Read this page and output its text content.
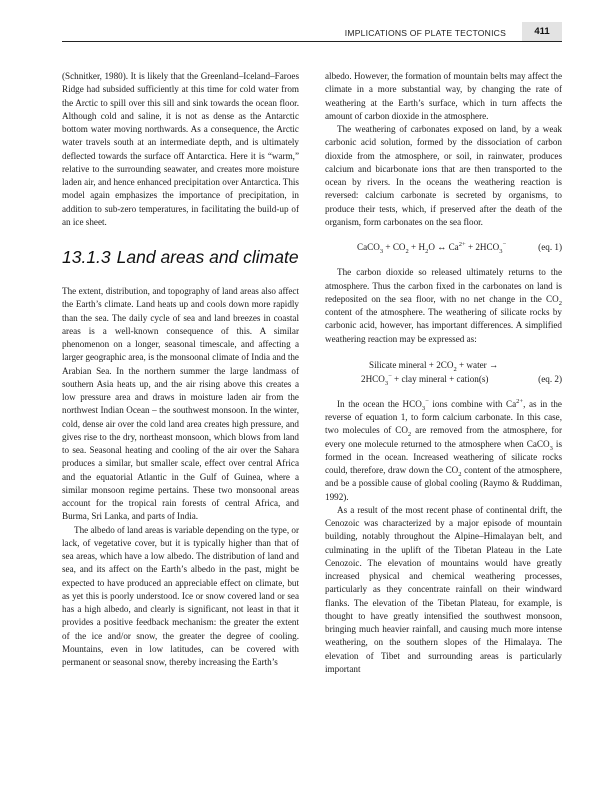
IMPLICATIONS OF PLATE TECTONICS	411

(Schnitker, 1980). It is likely that the Greenland–Iceland–Faroes Ridge had subsided sufficiently at this time for cold water from the Arctic to spill over this sill and sink towards the ocean floor. Although cold and saline, it is not as dense as the Antarctic bottom water moving northwards. As a consequence, the Arctic water travels south at an intermediate depth, and is ultimately deflected towards the surface off Antarctica. Here it is “warm,” relative to the surrounding seawater, and creates more moisture laden air, and hence enhanced precipitation over Antarctica. This model again emphasizes the importance of precipitation, in addition to sub-zero temperatures, in facilitating the build-up of an ice sheet.

13.1.3 Land areas and climate

The extent, distribution, and topography of land areas also affect the Earth’s climate. Land heats up and cools down more rapidly than the sea. The daily cycle of sea and land breezes in coastal areas is a well-known consequence of this. A similar phenomenon on a longer, seasonal timescale, and affecting a larger geographic area, is the monsoonal climate of India and the Arabian Sea. In the northern summer the large landmass of southern Asia heats up, and the air rising above this creates a low pressure area and draws in moisture laden air from the northwest Indian Ocean – the southwest monsoon. In the winter, cold, dense air over the cold land area creates high pressure, and gives rise to the dry, northeast monsoon, which blows from land to sea. Seasonal heating and cooling of the air over the Sahara produces a similar, but smaller scale, effect over central Africa and the equatorial Atlantic in the Gulf of Guinea, where a similar monsoon regime pertains. These two monsoonal areas account for the tropical rain forests of central Africa, and Burma, Sri Lanka, and parts of India.

The albedo of land areas is variable depending on the type, or lack, of vegetative cover, but it is typically higher than that of sea areas, which have a low albedo. The distribution of land and sea, and its affect on the Earth’s albedo in the past, might be expected to have produced an appreciable effect on climate, but as yet this is poorly understood. Ice or snow covered land or sea has a high albedo, and clearly is significant, not least in that it provides a positive feedback mechanism: the greater the extent of the ice and/or snow, the greater the degree of cooling. Mountains, even in low latitudes, can be covered with permanent or seasonal snow, thereby increasing the Earth’s

albedo. However, the formation of mountain belts may affect the climate in a more substantial way, by changing the rate of weathering at the Earth’s surface, which in turn affects the amount of carbon dioxide in the atmosphere.

The weathering of carbonates exposed on land, by a weak carbonic acid solution, formed by the dissociation of carbon dioxide from the atmosphere, or soil, in rainwater, produces calcium and bicarbonate ions that are then transported to the ocean by rivers. In the oceans the weathering reaction is reversed: calcium carbonate is secreted by organisms, to produce their tests, which, if preserved after the death of the organism, form carbonates on the sea floor.

CaCO$_3$ + $CO_2 + H_2O$ ↔ $Ca^{2+} + 2HCO_3^-$	(eq. 1)

The carbon dioxide so released ultimately returns to the atmosphere. Thus the carbon fixed in the carbonates on land is redeposited on the sea floor, with no net change in the $CO_2$ content of the atmosphere. The weathering of silicate rocks by carbonic acid, however, has important differences. A simplified weathering reaction may be expressed as:

Silicate mineral + $2CO_2$ + water →
$2HCO_3^-$ + clay mineral + cation(s)	(eq. 2)

In the ocean the $HCO_3^-$ ions combine with $Ca^{2+}$, as in the reverse of equation 1, to form calcium carbonate. In this case, two molecules of $CO_2$ are removed from the atmosphere, for every one molecule returned to the atmosphere when CaCO$_3$ is formed in the ocean. Increased weathering of silicate rocks could, therefore, draw down the $CO_2$ content of the atmosphere, and be a possible cause of global cooling (Raymo & Ruddiman, 1992).

As a result of the most recent phase of continental drift, the Cenozoic was characterized by a major episode of mountain building, notably throughout the Alpine–Himalayan belt, and culminating in the uplift of the Tibetan Plateau in the Late Cenozoic. The elevation of mountains would have greatly increased physical and chemical weathering processes, particularly as they concentrate rainfall on their windward flanks. The elevation of the Tibetan Plateau, for example, is thought to have greatly intensified the southwest monsoon, bringing much heavier rainfall, and causing much more intense weathering, on the southern slopes of the Himalaya. The elevation of Tibet and surrounding areas is particularly important
